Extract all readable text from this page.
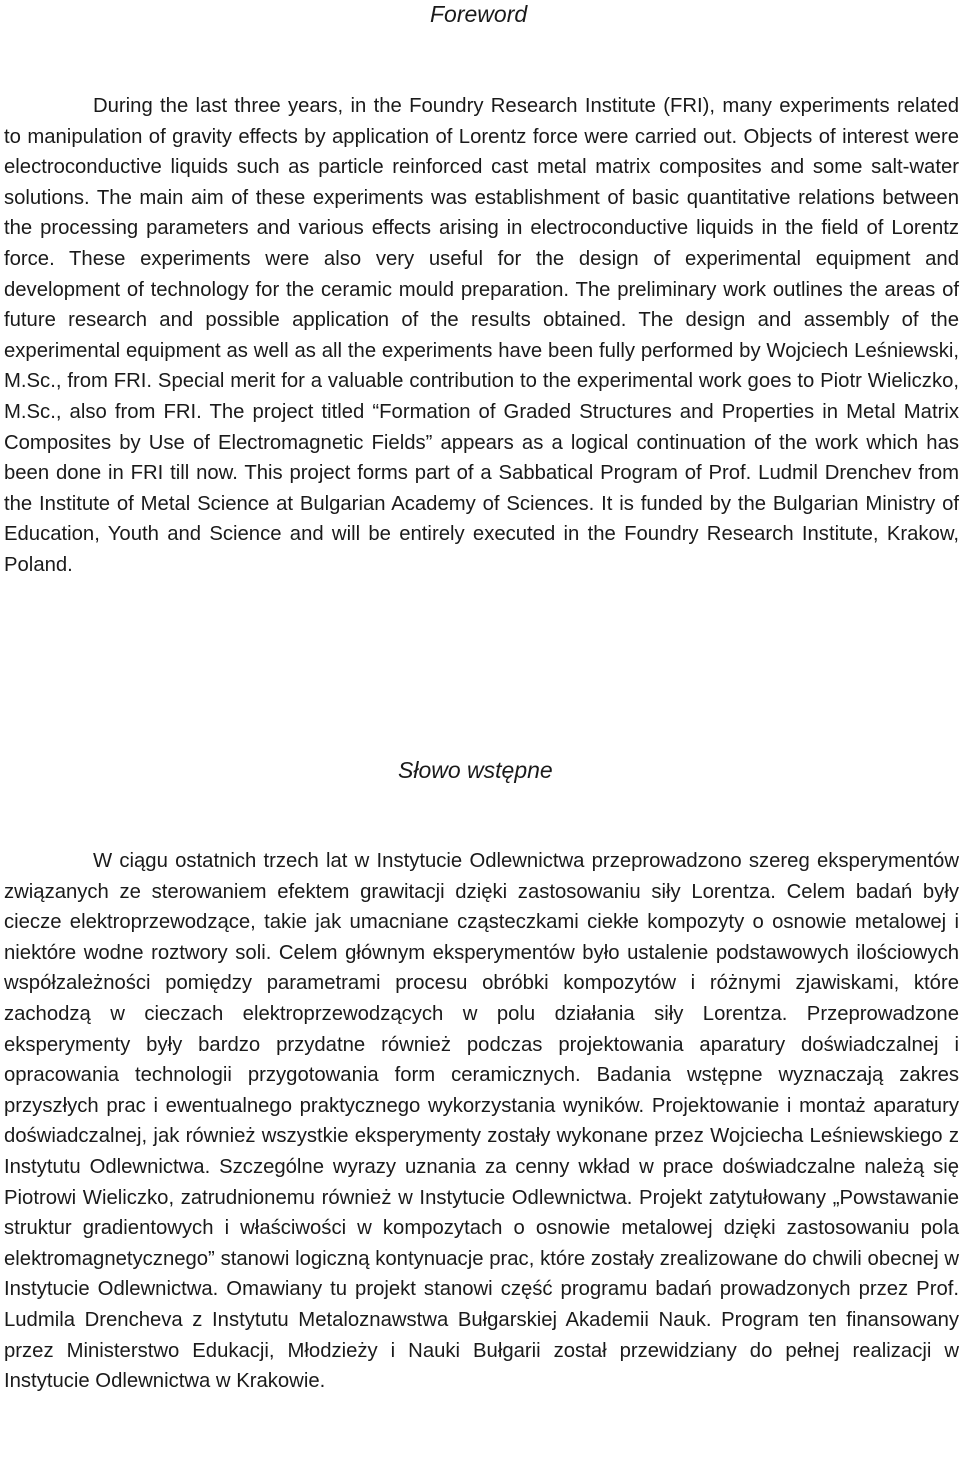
Foreword

During the last three years, in the Foundry Research Institute (FRI), many experiments related to manipulation of gravity effects by application of Lorentz force were carried out. Objects of interest were electroconductive liquids such as particle reinforced cast metal matrix composites and some salt-water solutions. The main aim of these experiments was establishment of basic quantitative relations between the processing parameters and various effects arising in electroconductive liquids in the field of Lorentz force. These experiments were also very useful for the design of experimental equipment and development of technology for the ceramic mould preparation. The preliminary work outlines the areas of future research and possible application of the results obtained. The design and assembly of the experimental equipment as well as all the experiments have been fully performed by Wojciech Leśniewski, M.Sc., from FRI. Special merit for a valuable contribution to the experimental work goes to Piotr Wieliczko, M.Sc., also from FRI. The project titled “Formation of Graded Structures and Properties in Metal Matrix Composites by Use of Electromagnetic Fields” appears as a logical continuation of the work which has been done in FRI till now. This project forms part of a Sabbatical Program of Prof. Ludmil Drenchev from the Institute of Metal Science at Bulgarian Academy of Sciences. It is funded by the Bulgarian Ministry of Education, Youth and Science and will be entirely executed in the Foundry Research Institute, Krakow, Poland.

Słowo wstępne

W ciągu ostatnich trzech lat w Instytucie Odlewnictwa przeprowadzono szereg eksperymentów związanych ze sterowaniem efektem grawitacji dzięki zastosowaniu siły Lorentza. Celem badań były ciecze elektroprzewodzące, takie jak umacniane cząsteczkami ciekłe kompozyty o osnowie metalowej i niektóre wodne roztwory soli. Celem głównym eksperymentów było ustalenie podstawowych ilościowych współzależności pomiędzy parametrami procesu obróbki kompozytów i różnymi zjawiskami, które zachodzą w cieczach elektroprzewodzących w polu działania siły Lorentza. Przeprowadzone eksperymenty były bardzo przydatne również podczas projektowania aparatury doświadczalnej i opracowania technologii przygotowania form ceramicznych. Badania wstępne wyznaczają zakres przyszłych prac i ewentualnego praktycznego wykorzystania wyników. Projektowanie i montaż aparatury doświadczalnej, jak również wszystkie eksperymenty zostały wykonane przez Wojciecha Leśniewskiego z Instytutu Odlewnictwa. Szczególne wyrazy uznania za cenny wkład w prace doświadczalne należą się Piotrowi Wieliczko, zatrudnionemu również w Instytucie Odlewnictwa. Projekt zatytułowany „Powstawanie struktur gradientowych i właściwości w kompozytach o osnowie metalowej dzięki zastosowaniu pola elektromagnetycznego” stanowi logiczną kontynuacje prac, które zostały zrealizowane do chwili obecnej w Instytucie Odlewnictwa. Omawiany tu projekt stanowi część programu badań prowadzonych przez Prof. Ludmila Drencheva z Instytutu Metaloznawstwa Bułgarskiej Akademii Nauk. Program ten finansowany przez Ministerstwo Edukacji, Młodzieży i Nauki Bułgarii został przewidziany do pełnej realizacji w Instytucie Odlewnictwa w Krakowie.
